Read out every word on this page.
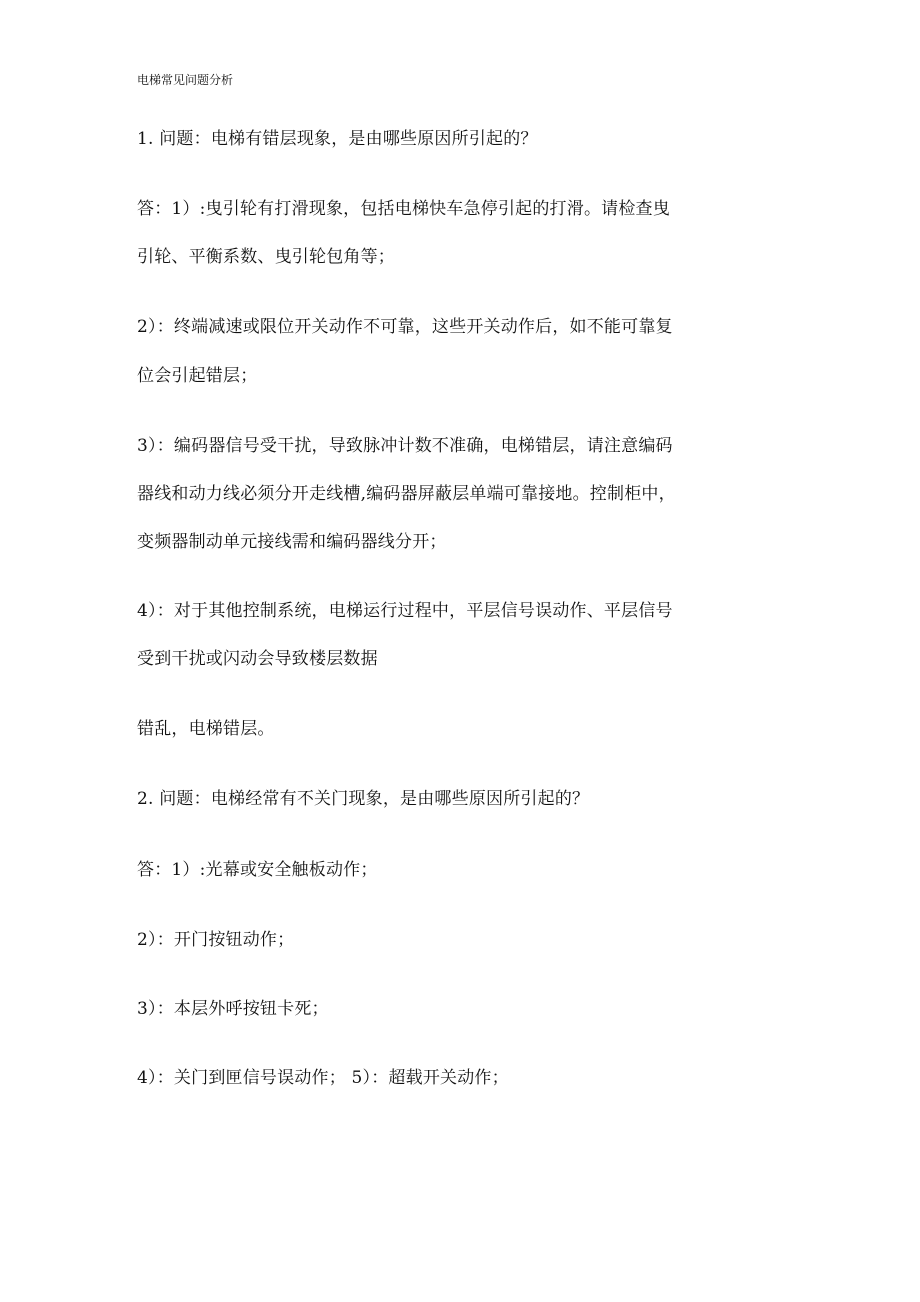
电梯常见问题分析
1. 问题：电梯有错层现象，是由哪些原因所引起的？
答：1）:曳引轮有打滑现象，包括电梯快车急停引起的打滑。请检查曳
引轮、平衡系数、曳引轮包角等；
2）：终端减速或限位开关动作不可靠，这些开关动作后，如不能可靠复
位会引起错层；
3）：编码器信号受干扰，导致脉冲计数不准确，电梯错层，请注意编码
器线和动力线必须分开走线槽,编码器屏蔽层单端可靠接地。控制柜中，
变频器制动单元接线需和编码器线分开；
4）：对于其他控制系统，电梯运行过程中，平层信号误动作、平层信号
受到干扰或闪动会导致楼层数据
错乱，电梯错层。
2. 问题：电梯经常有不关门现象，是由哪些原因所引起的？
答：1）:光幕或安全触板动作；
2）：开门按钮动作；
3）：本层外呼按钮卡死；
4）：关门到匣信号误动作； 5）：超载开关动作；
